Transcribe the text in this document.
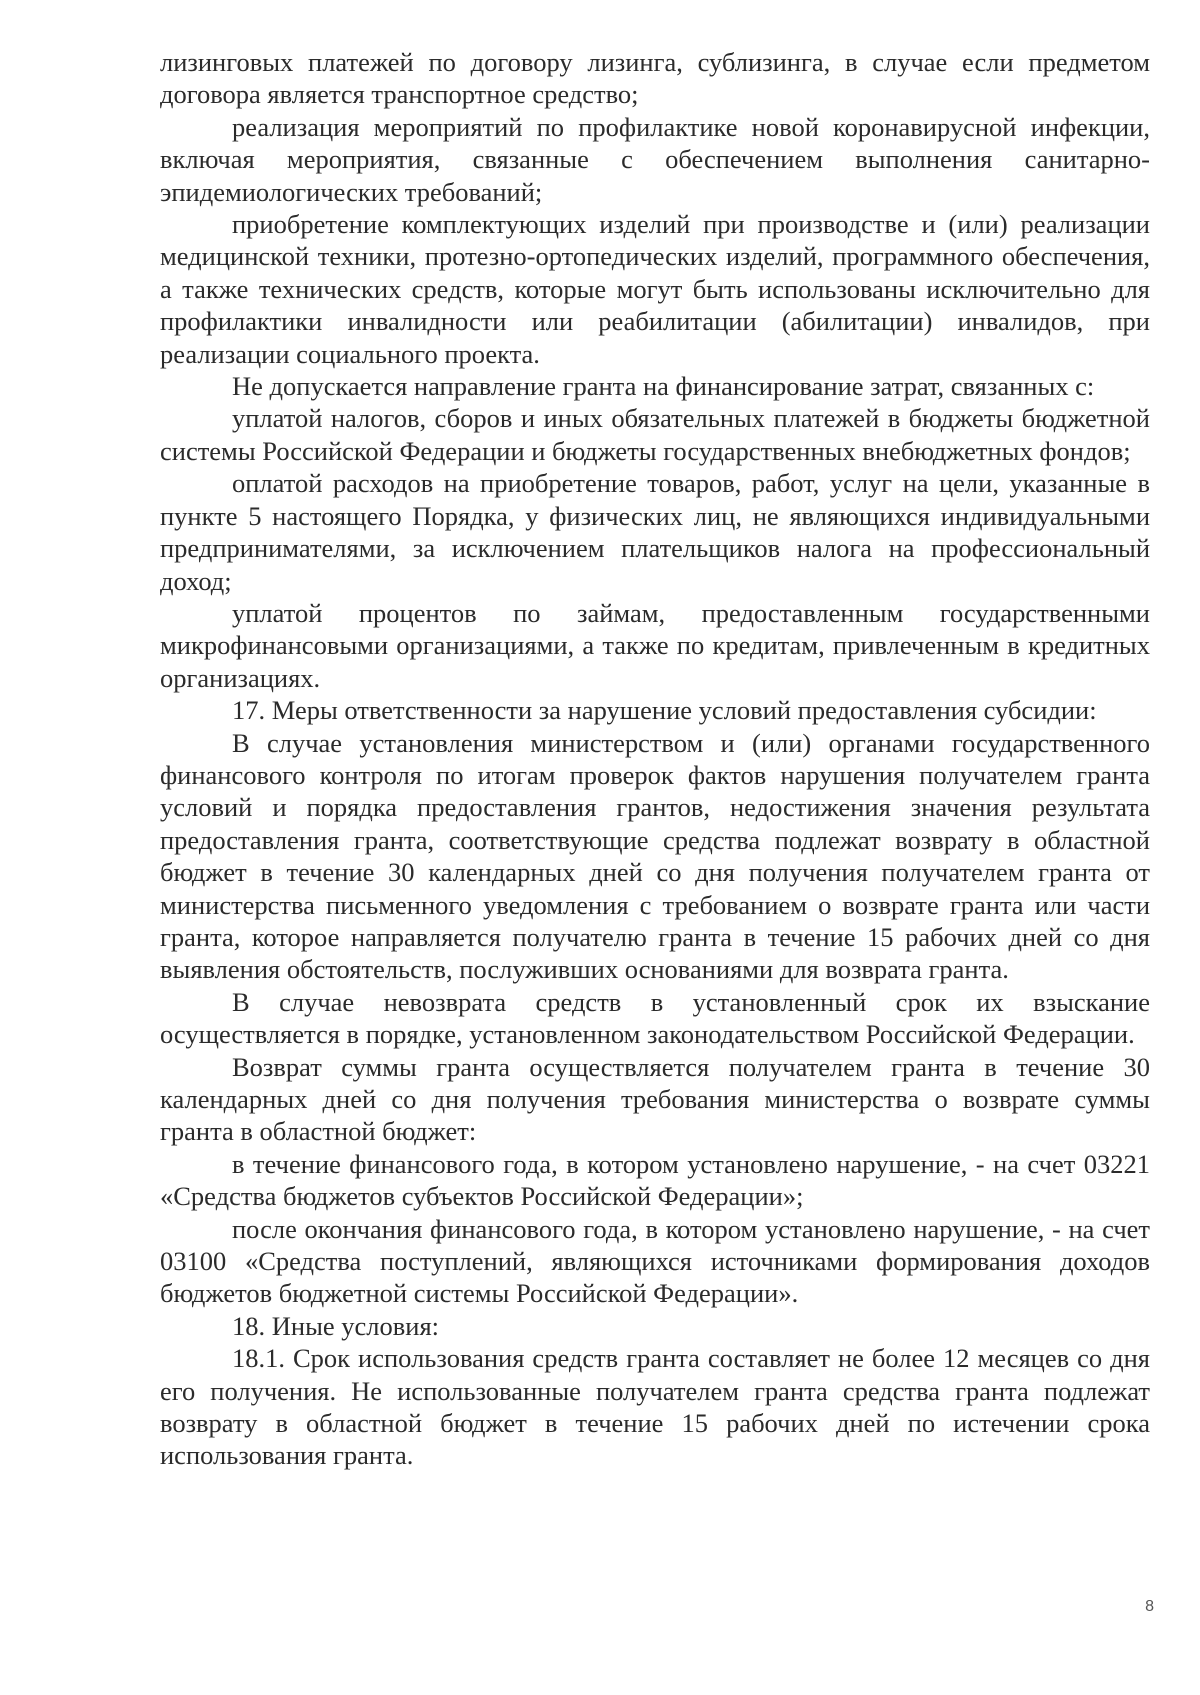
лизинговых платежей по договору лизинга, сублизинга, в случае если предметом договора является транспортное средство;

реализация мероприятий по профилактике новой коронавирусной инфекции, включая мероприятия, связанные с обеспечением выполнения санитарно-эпидемиологических требований;

приобретение комплектующих изделий при производстве и (или) реализации медицинской техники, протезно-ортопедических изделий, программного обеспечения, а также технических средств, которые могут быть использованы исключительно для профилактики инвалидности или реабилитации (абилитации) инвалидов, при реализации социального проекта.

Не допускается направление гранта на финансирование затрат, связанных с:

уплатой налогов, сборов и иных обязательных платежей в бюджеты бюджетной системы Российской Федерации и бюджеты государственных внебюджетных фондов;

оплатой расходов на приобретение товаров, работ, услуг на цели, указанные в пункте 5 настоящего Порядка, у физических лиц, не являющихся индивидуальными предпринимателями, за исключением плательщиков налога на профессиональный доход;

уплатой процентов по займам, предоставленным государственными микрофинансовыми организациями, а также по кредитам, привлеченным в кредитных организациях.

17. Меры ответственности за нарушение условий предоставления субсидии:

В случае установления министерством и (или) органами государственного финансового контроля по итогам проверок фактов нарушения получателем гранта условий и порядка предоставления грантов, недостижения значения результата предоставления гранта, соответствующие средства подлежат возврату в областной бюджет в течение 30 календарных дней со дня получения получателем гранта от министерства письменного уведомления с требованием о возврате гранта или части гранта, которое направляется получателю гранта в течение 15 рабочих дней со дня выявления обстоятельств, послуживших основаниями для возврата гранта.

В случае невозврата средств в установленный срок их взыскание осуществляется в порядке, установленном законодательством Российской Федерации.

Возврат суммы гранта осуществляется получателем гранта в течение 30 календарных дней со дня получения требования министерства о возврате суммы гранта в областной бюджет:

в течение финансового года, в котором установлено нарушение, - на счет 03221 «Средства бюджетов субъектов Российской Федерации»;

после окончания финансового года, в котором установлено нарушение, - на счет 03100 «Средства поступлений, являющихся источниками формирования доходов бюджетов бюджетной системы Российской Федерации».

18. Иные условия:

18.1. Срок использования средств гранта составляет не более 12 месяцев со дня его получения. Не использованные получателем гранта средства гранта подлежат возврату в областной бюджет в течение 15 рабочих дней по истечении срока использования гранта.

8
